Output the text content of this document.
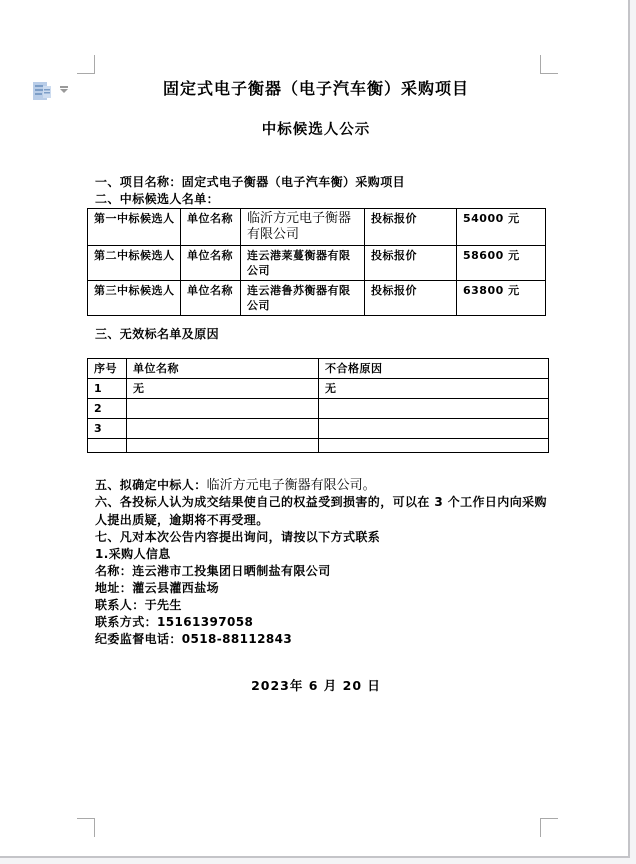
固定式电子衡器（电子汽车衡）采购项目
中标候选人公示
一、项目名称：固定式电子衡器（电子汽车衡）采购项目
二、中标候选人名单：
第一中标候选人	单位名称	临沂方元电子衡器有限公司	投标报价	54000 元
第二中标候选人	单位名称	连云港莱蔓衡器有限公司	投标报价	58600 元
第三中标候选人	单位名称	连云港鲁苏衡器有限公司	投标报价	63800 元
三、无效标名单及原因
序号	单位名称	不合格原因
1	无	无
2		
3		

五、拟确定中标人：临沂方元电子衡器有限公司。
六、各投标人认为成交结果使自己的权益受到损害的，可以在 3 个工作日内向采购人提出质疑，逾期将不再受理。
七、凡对本次公告内容提出询问，请按以下方式联系
1.采购人信息
名称：连云港市工投集团日晒制盐有限公司
地址：灌云县灌西盐场
联系人：于先生
联系方式：15161397058
纪委监督电话：0518-88112843
2023年 6 月 20 日
